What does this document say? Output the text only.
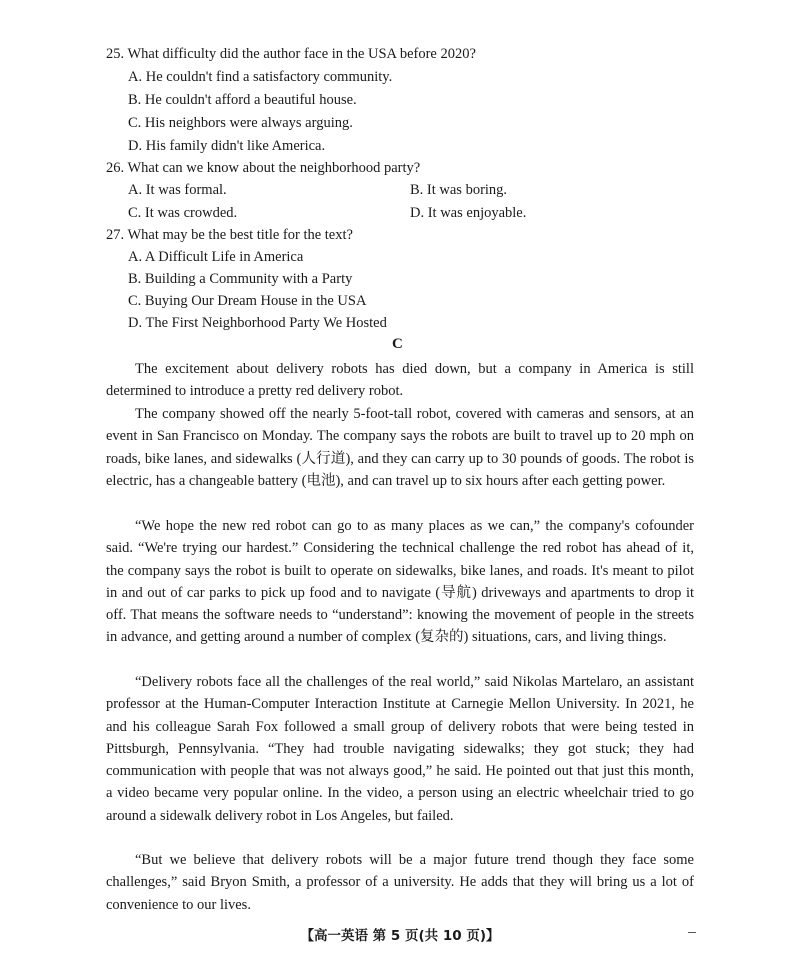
25. What difficulty did the author face in the USA before 2020?
A. He couldn't find a satisfactory community.
B. He couldn't afford a beautiful house.
C. His neighbors were always arguing.
D. His family didn't like America.
26. What can we know about the neighborhood party?
A. It was formal.	B. It was boring.
C. It was crowded.	D. It was enjoyable.
27. What may be the best title for the text?
A. A Difficult Life in America
B. Building a Community with a Party
C. Buying Our Dream House in the USA
D. The First Neighborhood Party We Hosted
C

The excitement about delivery robots has died down, but a company in America is still determined to introduce a pretty red delivery robot.

The company showed off the nearly 5-foot-tall robot, covered with cameras and sensors, at an event in San Francisco on Monday. The company says the robots are built to travel up to 20 mph on roads, bike lanes, and sidewalks (人行道), and they can carry up to 30 pounds of goods. The robot is electric, has a changeable battery (电池), and can travel up to six hours after each getting power.

“We hope the new red robot can go to as many places as we can,” the company's cofounder said. “We're trying our hardest.” Considering the technical challenge the red robot has ahead of it, the company says the robot is built to operate on sidewalks, bike lanes, and roads. It's meant to pilot in and out of car parks to pick up food and to navigate (导航) driveways and apartments to drop it off. That means the software needs to “understand”: knowing the movement of people in the streets in advance, and getting around a number of complex (复杂的) situations, cars, and living things.

“Delivery robots face all the challenges of the real world,” said Nikolas Martelaro, an assistant professor at the Human-Computer Interaction Institute at Carnegie Mellon University. In 2021, he and his colleague Sarah Fox followed a small group of delivery robots that were being tested in Pittsburgh, Pennsylvania. “They had trouble navigating sidewalks; they got stuck; they had communication with people that was not always good,” he said. He pointed out that just this month, a video became very popular online. In the video, a person using an electric wheelchair tried to go around a sidewalk delivery robot in Los Angeles, but failed.

“But we believe that delivery robots will be a major future trend though they face some challenges,” said Bryon Smith, a professor of a university. He adds that they will bring us a lot of convenience to our lives.

【高一英语 第 5 页(共 10 页)】
